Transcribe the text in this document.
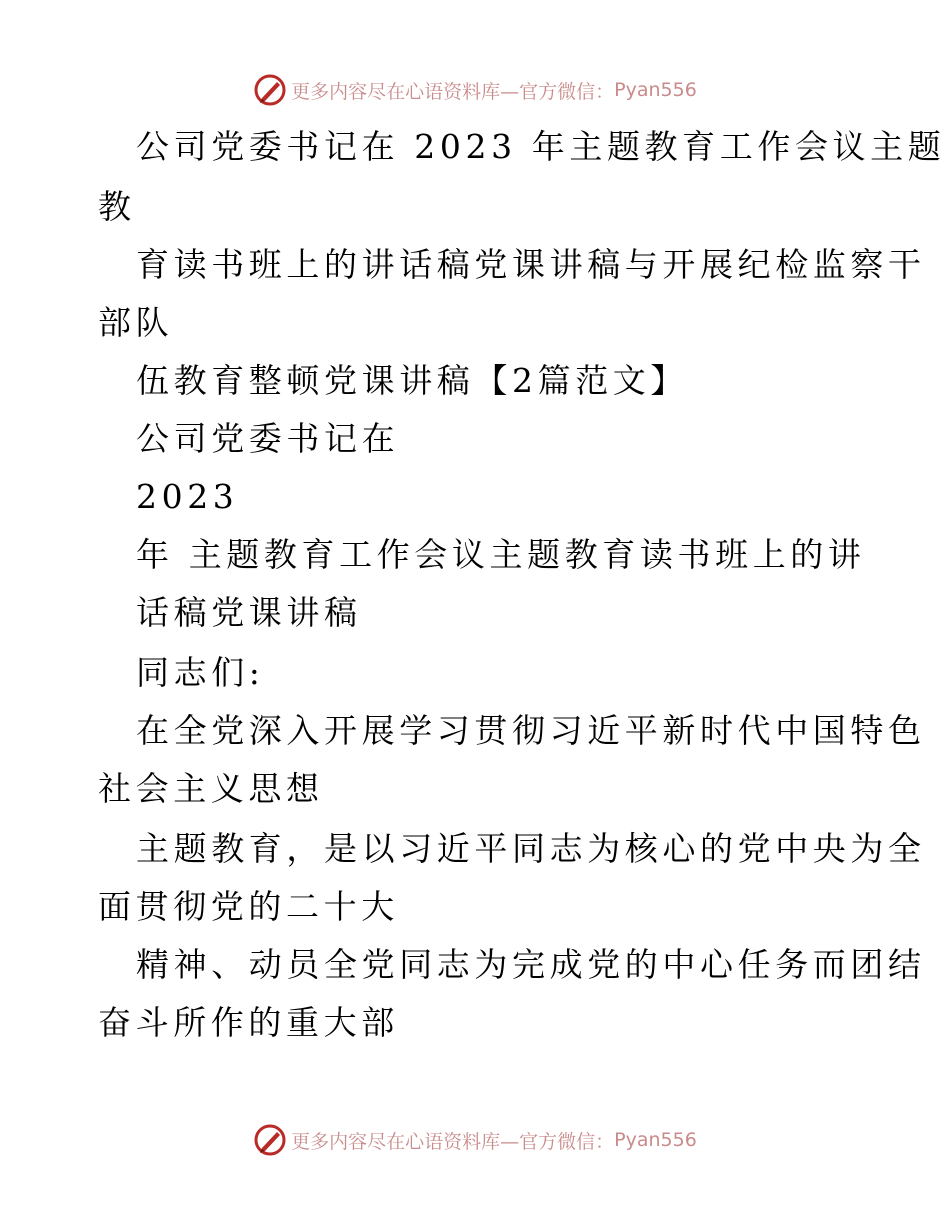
更多内容尽在心语资料库—官方微信： Pyan556
公司党委书记在 2023 年主题教育工作会议主题
教
育读书班上的讲话稿党课讲稿与开展纪检监察干
部队
伍教育整顿党课讲稿【2篇范文】
公司党委书记在
2023
年 主题教育工作会议主题教育读书班上的讲
话稿党课讲稿
同志们:
在全党深入开展学习贯彻习近平新时代中国特色
社会主义思想
主题教育，是以习近平同志为核心的党中央为全
面贯彻党的二十大
精神、动员全党同志为完成党的中心任务而团结
奋斗所作的重大部
更多内容尽在心语资料库—官方微信： Pyan556
